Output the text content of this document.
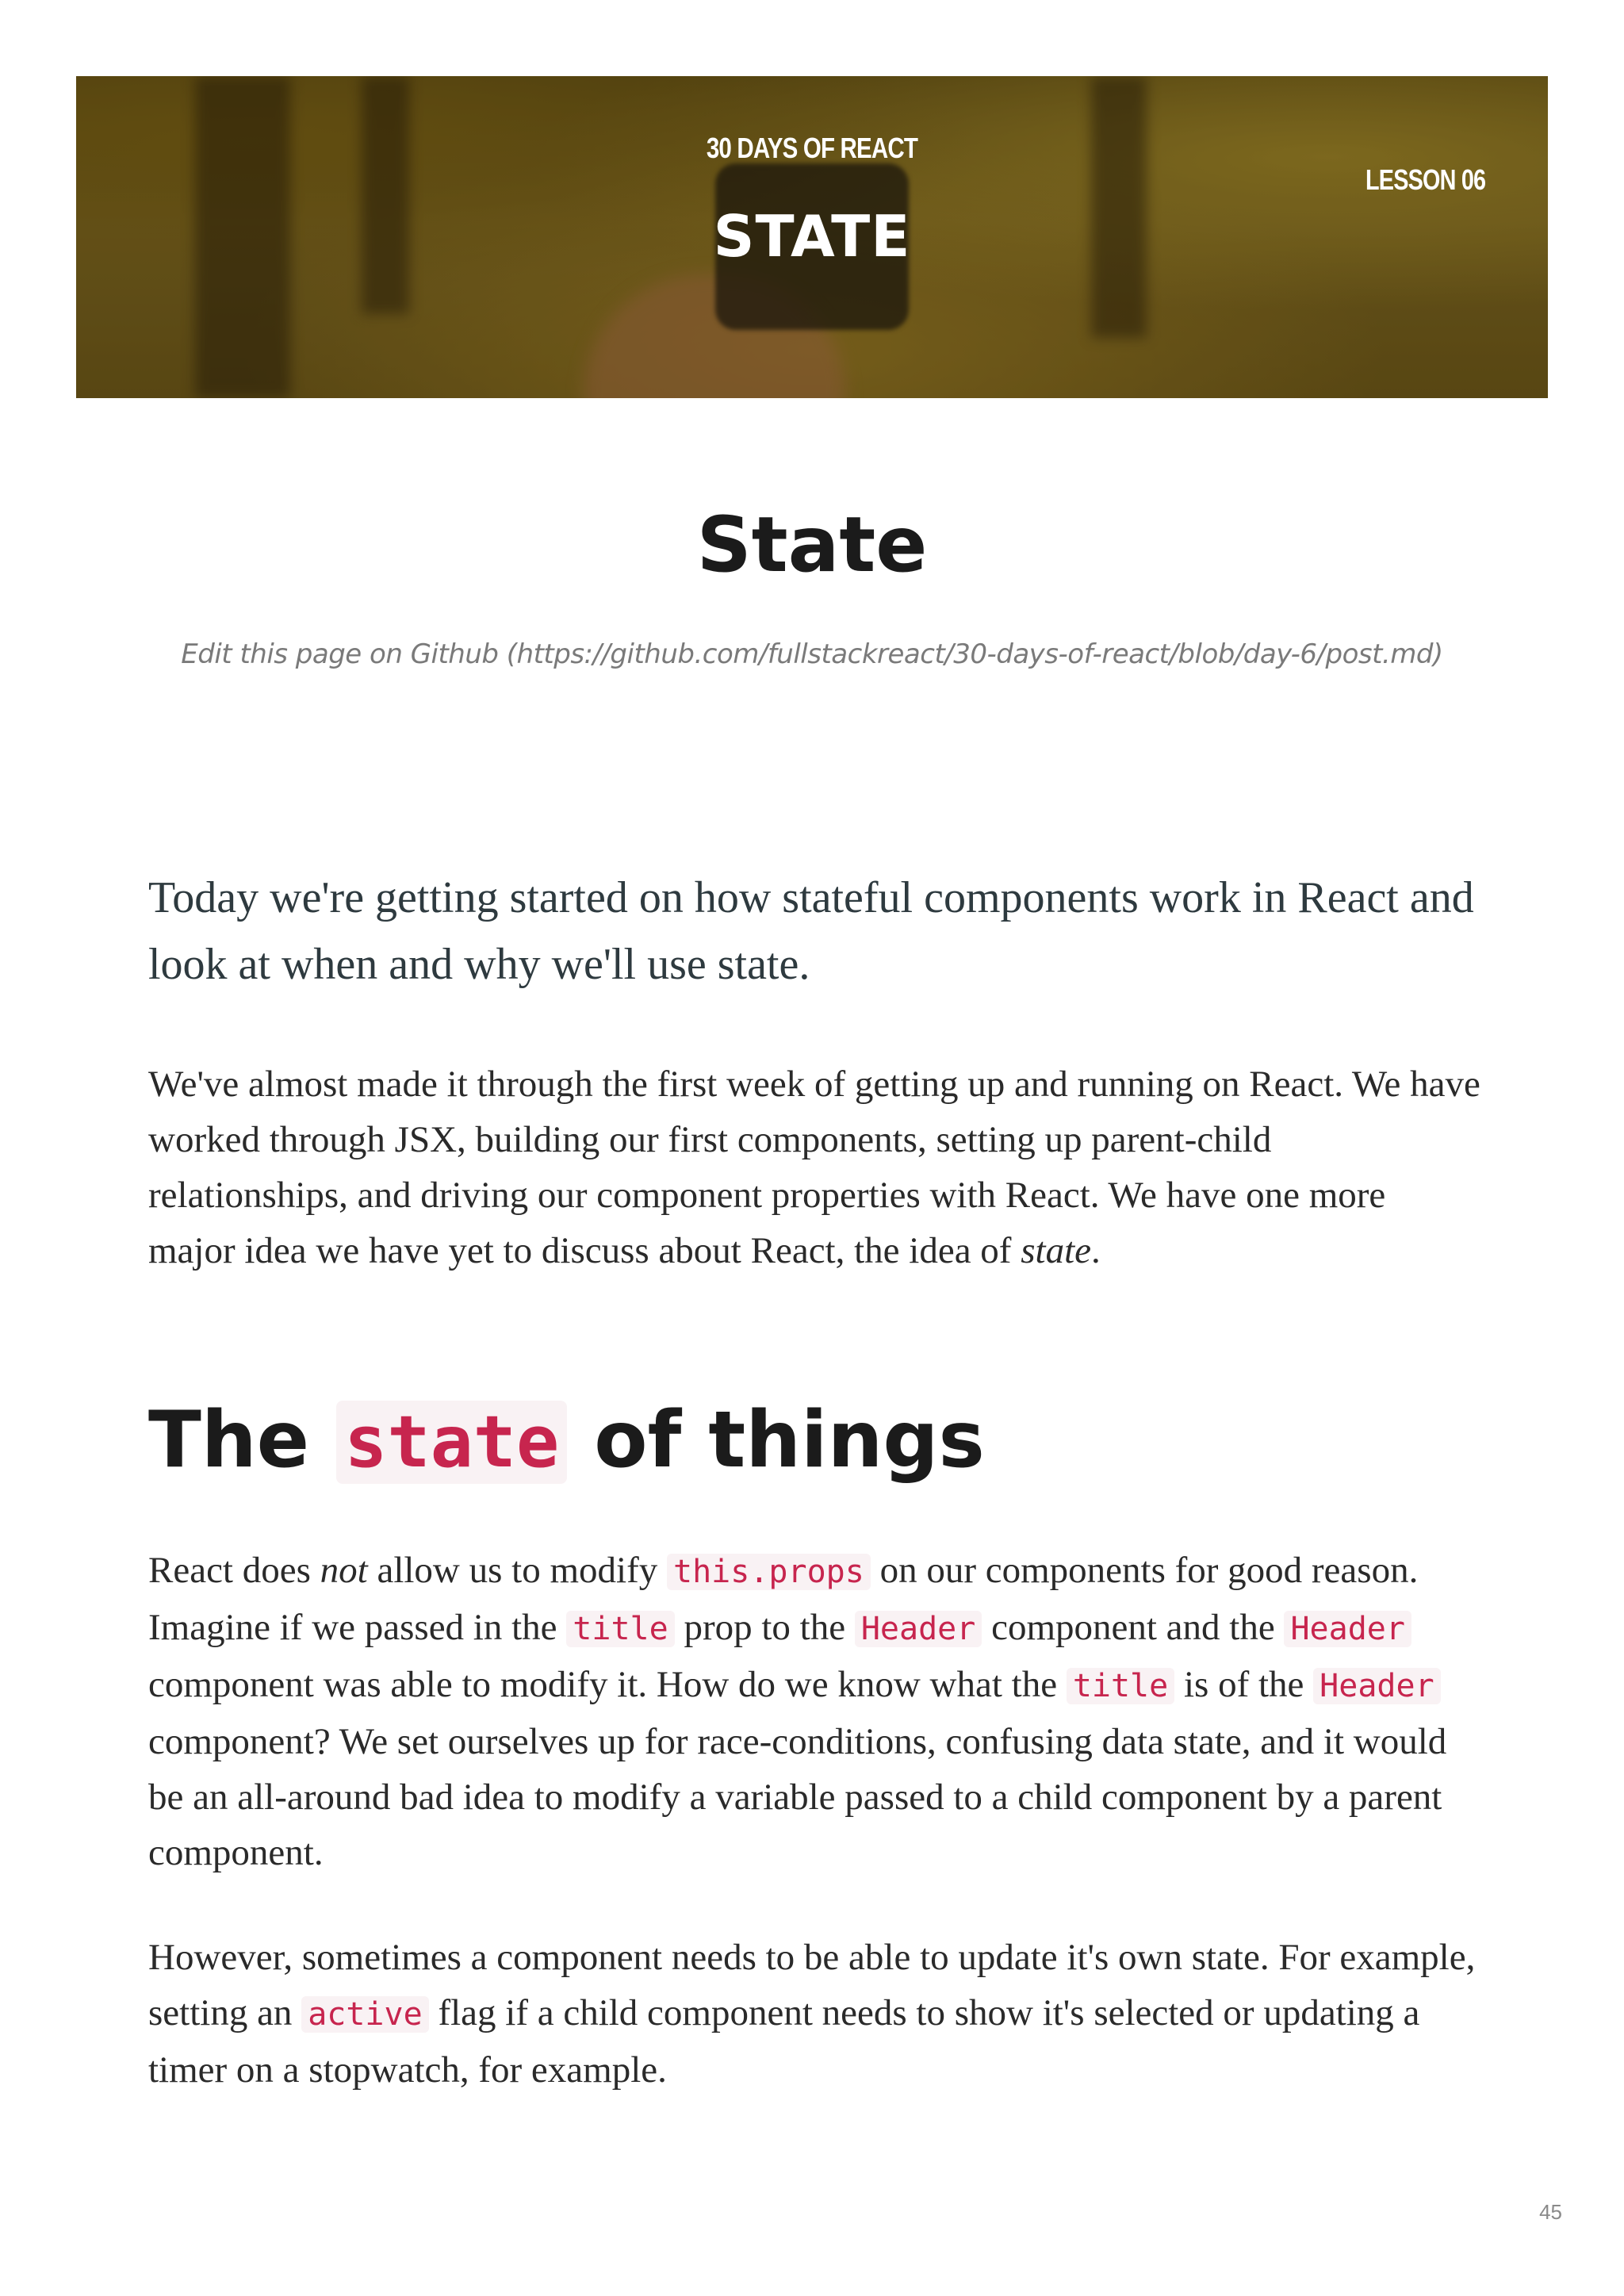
30 DAYS OF REACT
STATE
LESSON 06
State
Edit this page on Github (https://github.com/fullstackreact/30-days-of-react/blob/day-6/post.md)

Today we're getting started on how stateful components work in React and look at when and why we'll use state.

We've almost made it through the first week of getting up and running on React. We have worked through JSX, building our first components, setting up parent-child relationships, and driving our component properties with React. We have one more major idea we have yet to discuss about React, the idea of state.

The state of things

React does not allow us to modify this.props on our components for good reason. Imagine if we passed in the title prop to the Header component and the Header component was able to modify it. How do we know what the title is of the Header component? We set ourselves up for race-conditions, confusing data state, and it would be an all-around bad idea to modify a variable passed to a child component by a parent component.

However, sometimes a component needs to be able to update it's own state. For example, setting an active flag if a child component needs to show it's selected or updating a timer on a stopwatch, for example.

45
